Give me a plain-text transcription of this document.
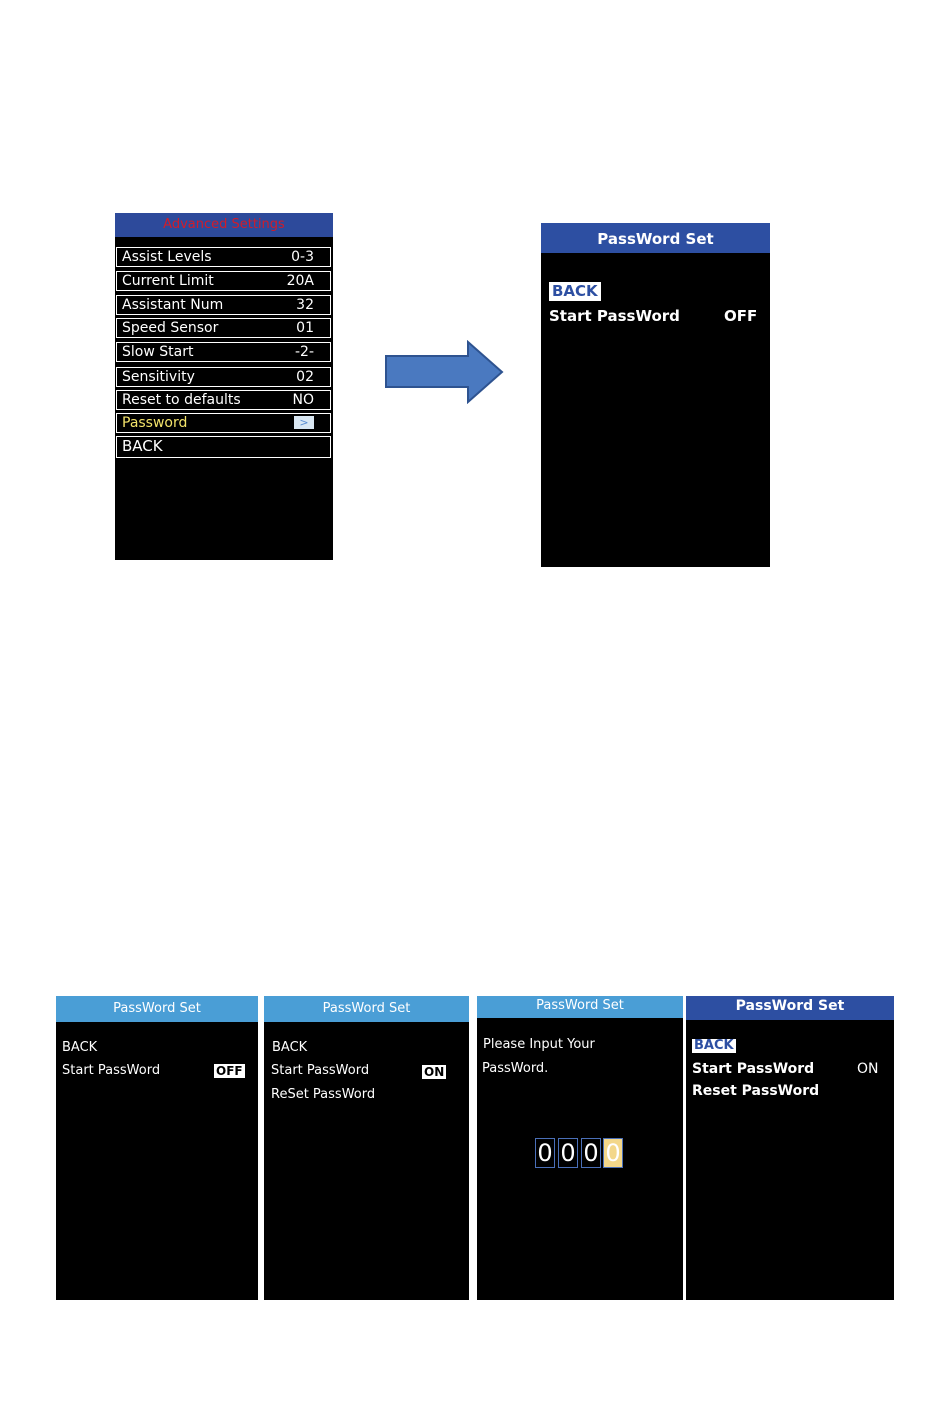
Advanced Settings
Assist Levels	0-3
Current Limit	20A
Assistant Num	32
Speed Sensor	01
Slow Start	-2-
Sensitivity	02
Reset to defaults	NO
Password	>
BACK
PassWord Set
BACK
Start PassWord	OFF
PassWord Set
BACK
Start PassWord	OFF
PassWord Set
BACK
Start PassWord	ON
ReSet PassWord
PassWord Set
Please Input Your
PassWord.
0 0 0 0
PassWord Set
BACK
Start PassWord	ON
Reset PassWord
